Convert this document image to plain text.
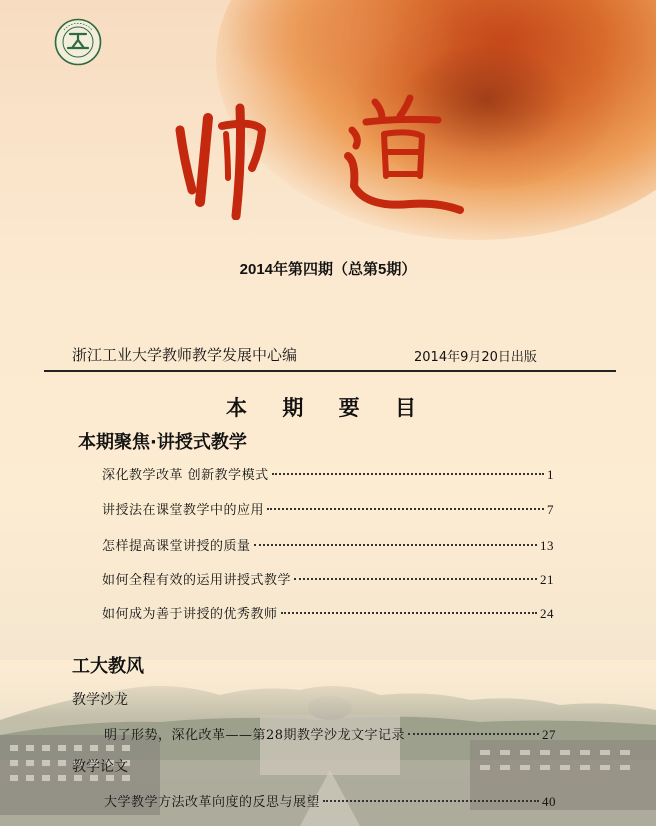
2014年第四期（总第5期）
浙江工业大学教师教学发展中心编	2014年9月20日出版
本 期 要 目
本期聚焦·讲授式教学
深化教学改革 创新教学模式	1
讲授法在课堂教学中的应用	7
怎样提高课堂讲授的质量	13
如何全程有效的运用讲授式教学	21
如何成为善于讲授的优秀教师	24
工大教风
教学沙龙
明了形势，深化改革——第28期教学沙龙文字记录	27
教学论文
大学教学方法改革向度的反思与展望	40
